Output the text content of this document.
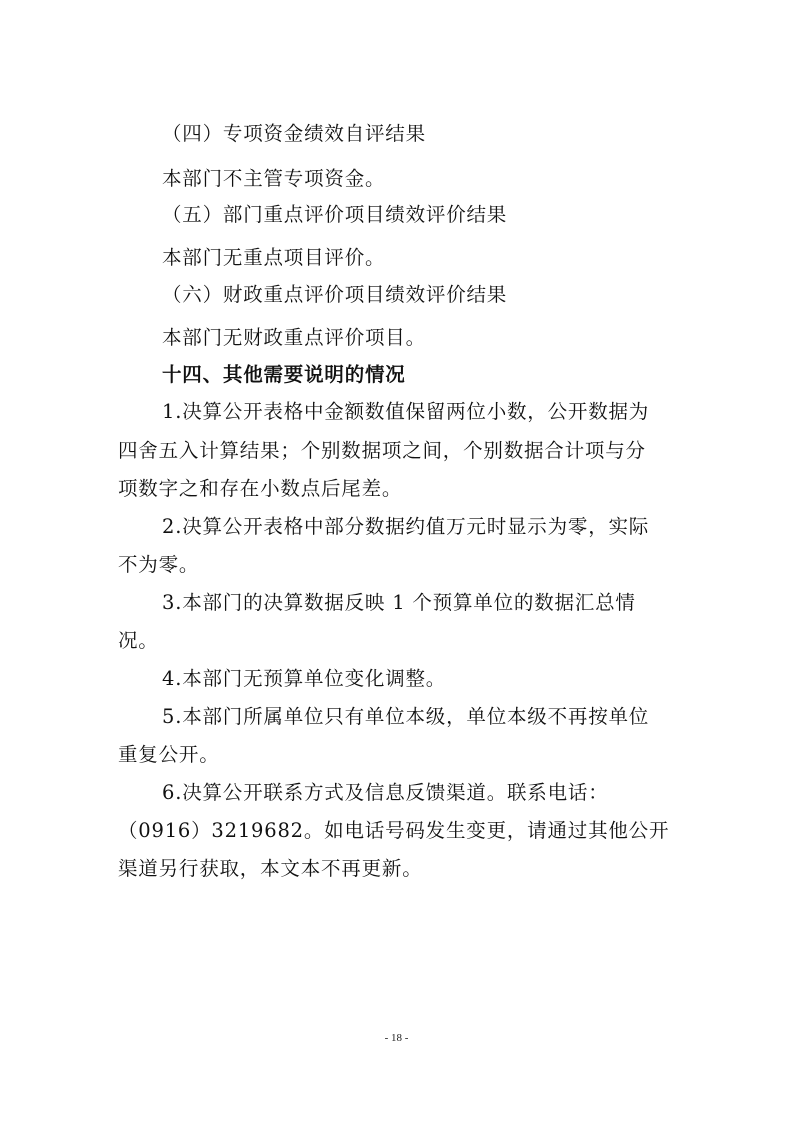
（四）专项资金绩效自评结果

本部门不主管专项资金。

（五）部门重点评价项目绩效评价结果

本部门无重点项目评价。

（六）财政重点评价项目绩效评价结果

本部门无财政重点评价项目。

十四、其他需要说明的情况

1.决算公开表格中金额数值保留两位小数，公开数据为

四舍五入计算结果；个别数据项之间，个别数据合计项与分

项数字之和存在小数点后尾差。

2.决算公开表格中部分数据约值万元时显示为零，实际

不为零。

3.本部门的决算数据反映 1 个预算单位的数据汇总情

况。

4.本部门无预算单位变化调整。

5.本部门所属单位只有单位本级，单位本级不再按单位

重复公开。

6.决算公开联系方式及信息反馈渠道。联系电话：

（0916）3219682。如电话号码发生变更，请通过其他公开

渠道另行获取，本文本不再更新。

- 18 -
